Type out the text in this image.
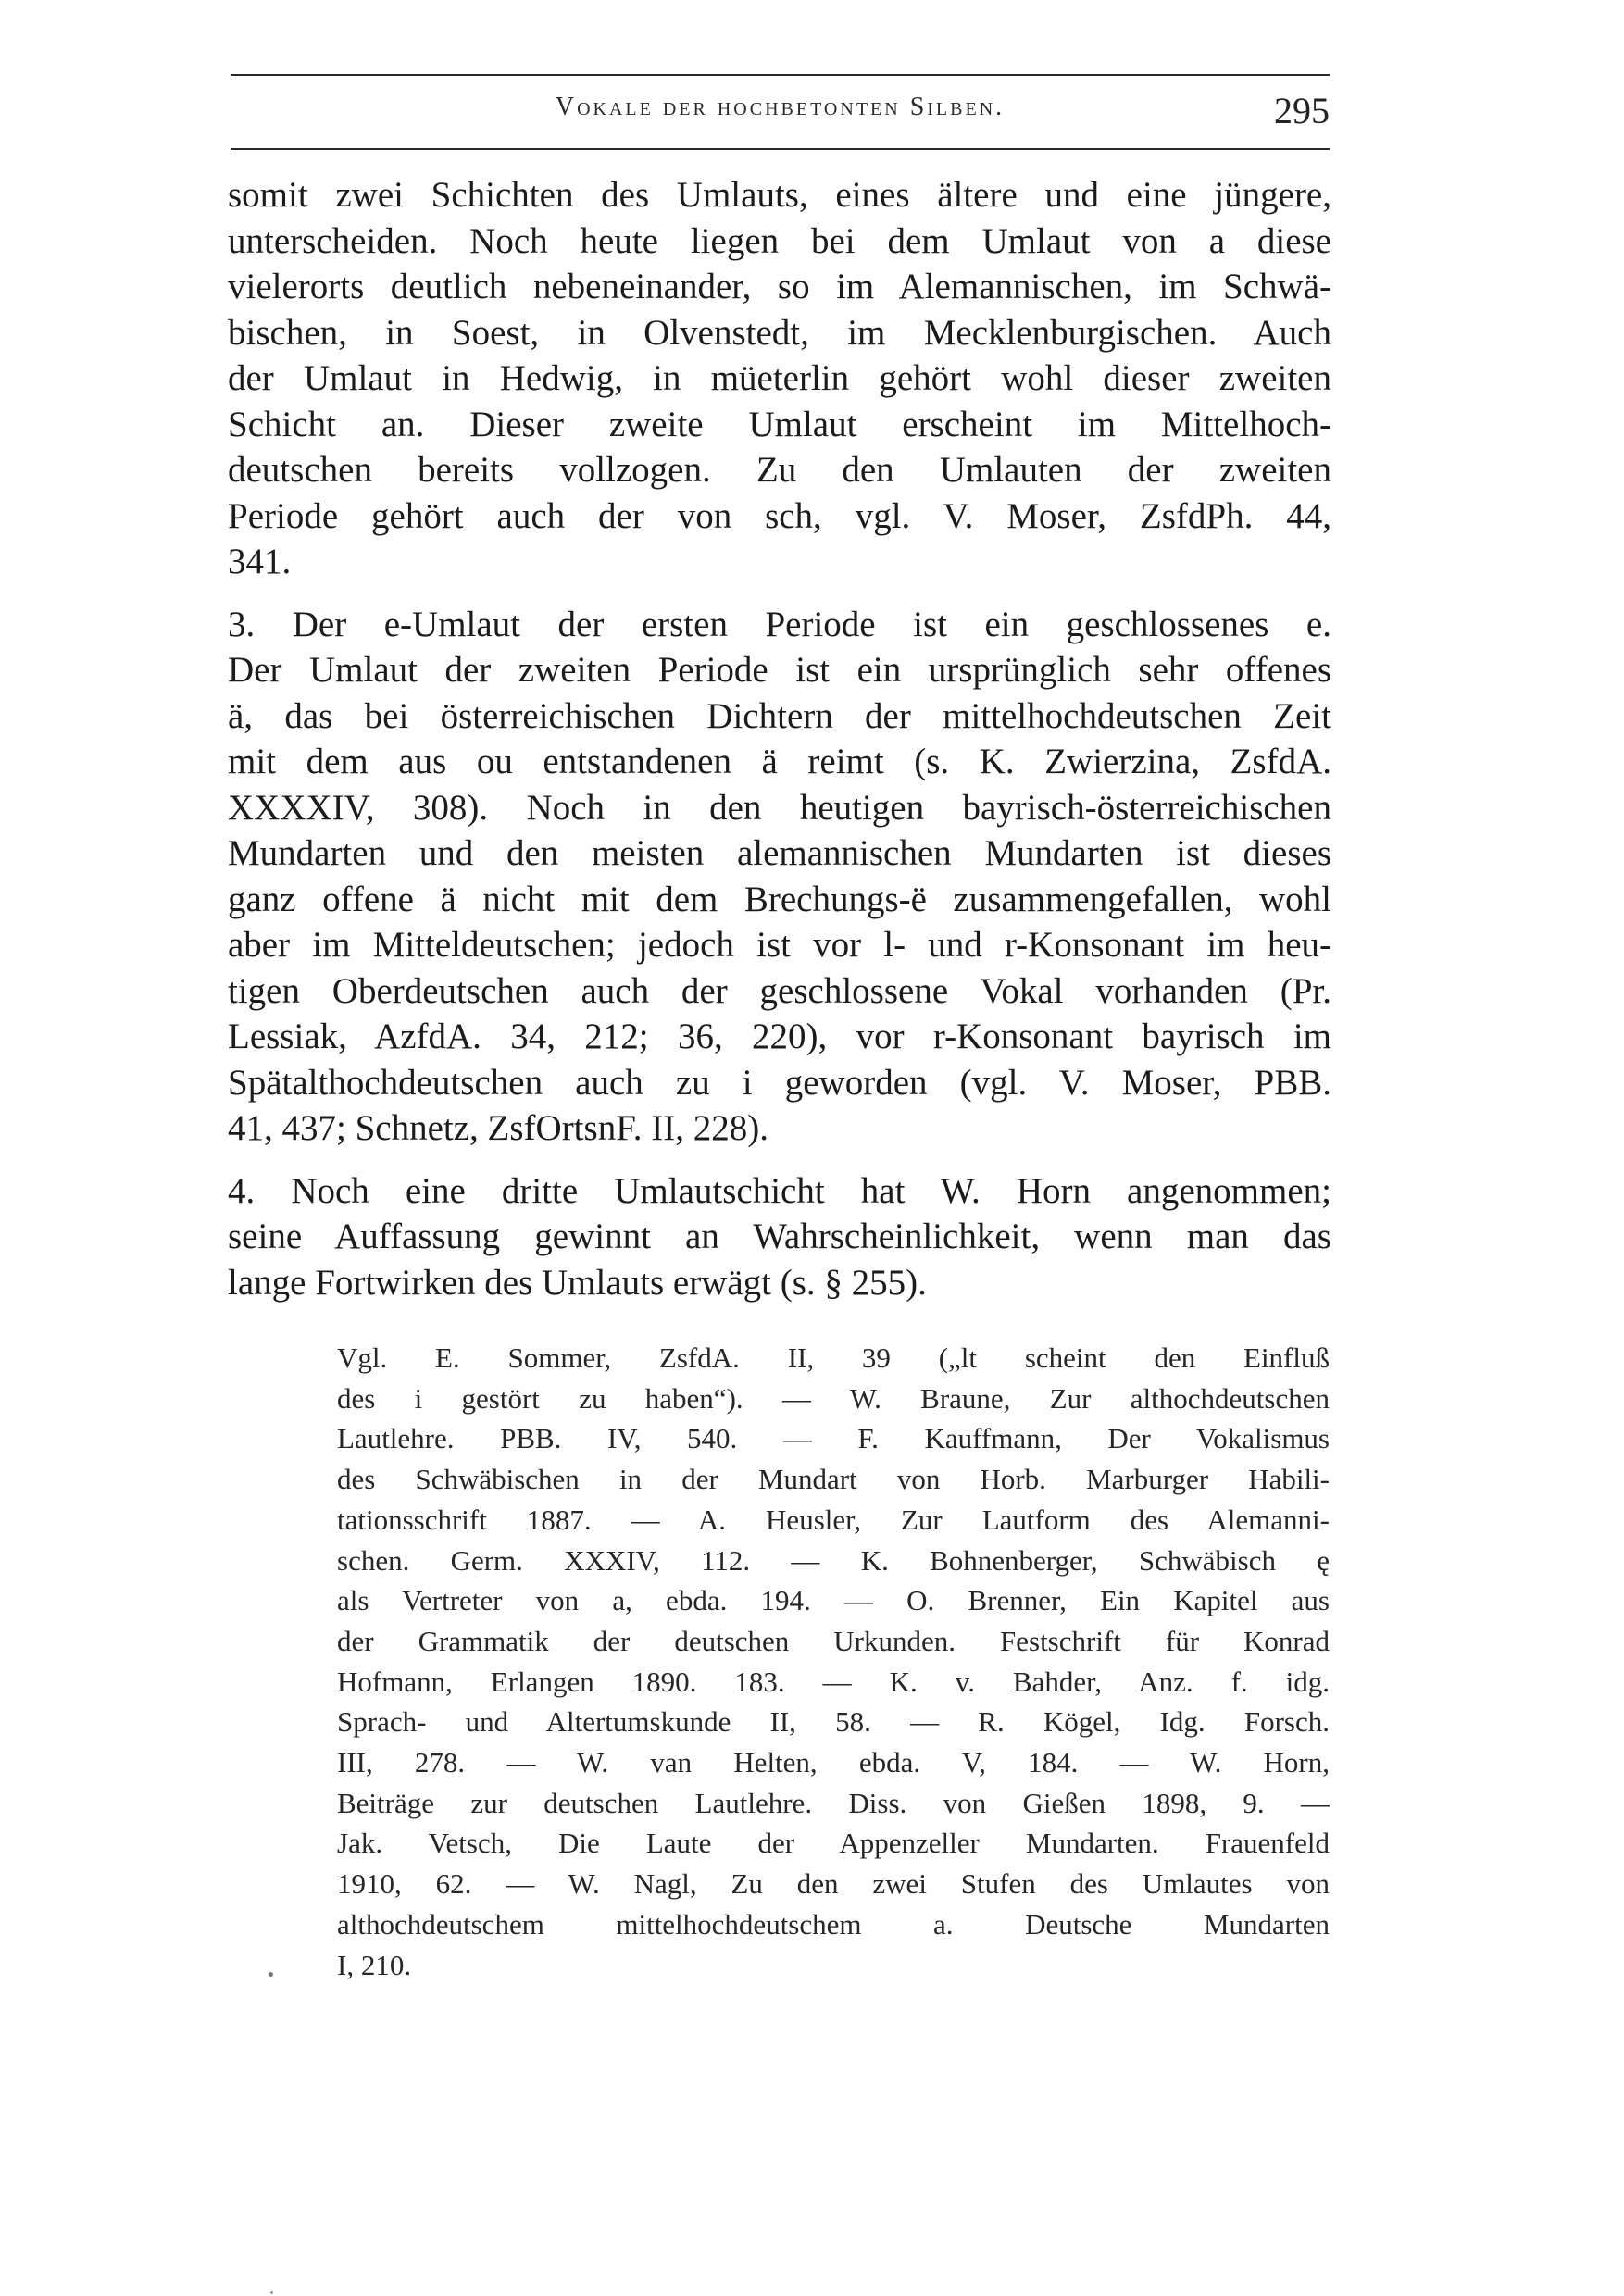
Vokale der hochbetonten Silben.	295
somit zwei Schichten des Umlauts, eines ältere und eine jüngere,
unterscheiden. Noch heute liegen bei dem Umlaut von a diese
vielerorts deutlich nebeneinander, so im Alemannischen, im Schwä-
bischen, in Soest, in Olvenstedt, im Mecklenburgischen. Auch
der Umlaut in Hedwig, in müeterlin gehört wohl dieser zweiten
Schicht an. Dieser zweite Umlaut erscheint im Mittelhoch-
deutschen bereits vollzogen. Zu den Umlauten der zweiten
Periode gehört auch der von sch, vgl. V. Moser, ZsfdPh. 44,
341.
3. Der e-Umlaut der ersten Periode ist ein geschlossenes e.
Der Umlaut der zweiten Periode ist ein ursprünglich sehr offenes
ä, das bei österreichischen Dichtern der mittelhochdeutschen Zeit
mit dem aus ou entstandenen ä reimt (s. K. Zwierzina, ZsfdA.
XXXXIV, 308). Noch in den heutigen bayrisch-österreichischen
Mundarten und den meisten alemannischen Mundarten ist dieses
ganz offene ä nicht mit dem Brechungs-ë zusammengefallen, wohl
aber im Mitteldeutschen; jedoch ist vor l- und r-Konsonant im heu-
tigen Oberdeutschen auch der geschlossene Vokal vorhanden (Pr.
Lessiak, AzfdA. 34, 212; 36, 220), vor r-Konsonant bayrisch im
Spätalthochdeutschen auch zu i geworden (vgl. V. Moser, PBB.
41, 437; Schnetz, ZsfOrtsnF. II, 228).
4. Noch eine dritte Umlautschicht hat W. Horn angenommen;
seine Auffassung gewinnt an Wahrscheinlichkeit, wenn man das
lange Fortwirken des Umlauts erwägt (s. § 255).
Vgl. E. Sommer, ZsfdA. II, 39 („lt scheint den Einfluß
des i gestört zu haben“). — W. Braune, Zur althochdeutschen
Lautlehre. PBB. IV, 540. — F. Kauffmann, Der Vokalismus
des Schwäbischen in der Mundart von Horb. Marburger Habili-
tationsschrift 1887. — A. Heusler, Zur Lautform des Alemanni-
schen. Germ. XXXIV, 112. — K. Bohnenberger, Schwäbisch ę
als Vertreter von a, ebda. 194. — O. Brenner, Ein Kapitel aus
der Grammatik der deutschen Urkunden. Festschrift für Konrad
Hofmann, Erlangen 1890. 183. — K. v. Bahder, Anz. f. idg.
Sprach- und Altertumskunde II, 58. — R. Kögel, Idg. Forsch.
III, 278. — W. van Helten, ebda. V, 184. — W. Horn,
Beiträge zur deutschen Lautlehre. Diss. von Gießen 1898, 9. —
Jak. Vetsch, Die Laute der Appenzeller Mundarten. Frauenfeld
1910, 62. — W. Nagl, Zu den zwei Stufen des Umlautes von
althochdeutschem mittelhochdeutschem a. Deutsche Mundarten
I, 210.
